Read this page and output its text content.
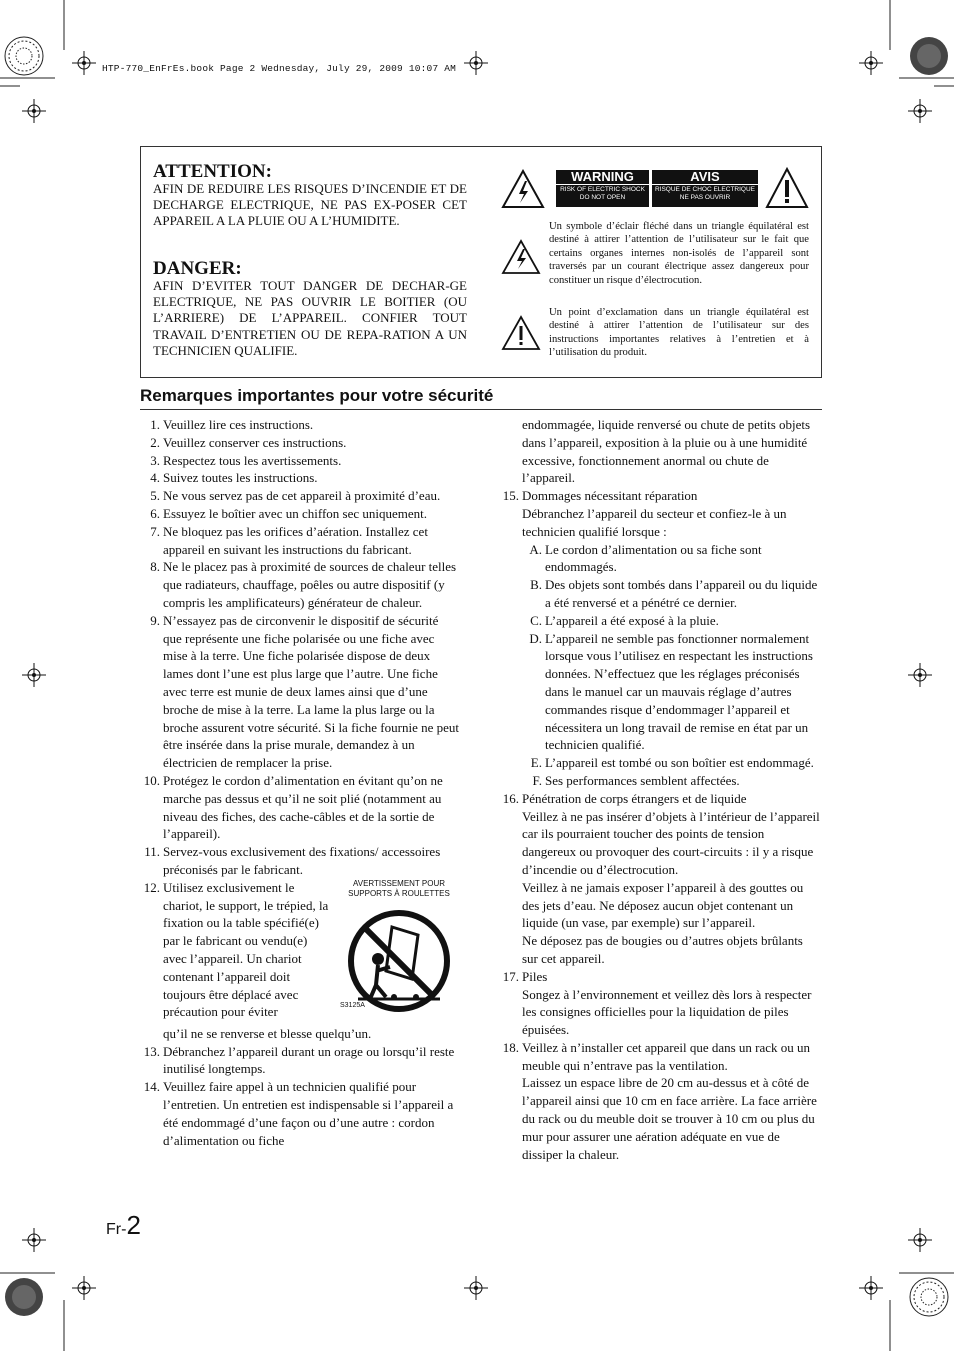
HTP-770_EnFrEs.book Page 2 Wednesday, July 29, 2009 10:07 AM
ATTENTION:
AFIN DE REDUIRE LES RISQUES D’INCENDIE ET DE DECHARGE ELECTRIQUE, NE PAS EX-POSER CET APPAREIL A LA PLUIE OU A L’HUMIDITE.
DANGER:
AFIN D’EVITER TOUT DANGER DE DECHAR-GE ELECTRIQUE, NE PAS OUVRIR LE BOITIER (OU L’ARRIERE) DE L’APPAREIL. CONFIER TOUT TRAVAIL D’ENTRETIEN OU DE REPA-RATION A UN TECHNICIEN QUALIFIE.
WARNING
RISK OF ELECTRIC SHOCK
DO NOT OPEN
AVIS
RISQUE DE CHOC ELECTRIQUE
NE PAS OUVRIR
Un symbole d’éclair fléché dans un triangle équilatéral est destiné à attirer l’attention de l’utilisateur sur le fait que certains organes internes non-isolés de l’appareil sont traversés par un courant électrique assez dangereux pour constituer un risque d’électrocution.
Un point d’exclamation dans un triangle équilatéral est destiné à attirer l’attention de l’utilisateur sur des instructions importantes relatives à l’entretien et à l’utilisation du produit.
Remarques importantes pour votre sécurité
1. Veuillez lire ces instructions.
2. Veuillez conserver ces instructions.
3. Respectez tous les avertissements.
4. Suivez toutes les instructions.
5. Ne vous servez pas de cet appareil à proximité d’eau.
6. Essuyez le boîtier avec un chiffon sec uniquement.
7. Ne bloquez pas les orifices d’aération. Installez cet appareil en suivant les instructions du fabricant.
8. Ne le placez pas à proximité de sources de chaleur telles que radiateurs, chauffage, poêles ou autre dispositif (y compris les amplificateurs) générateur de chaleur.
9. N’essayez pas de circonvenir le dispositif de sécurité que représente une fiche polarisée ou une fiche avec mise à la terre. Une fiche polarisée dispose de deux lames dont l’une est plus large que l’autre. Une fiche avec terre est munie de deux lames ainsi que d’une broche de mise à la terre. La lame la plus large ou la broche assurent votre sécurité. Si la fiche fournie ne peut être insérée dans la prise murale, demandez à un électricien de remplacer la prise.
10. Protégez le cordon d’alimentation en évitant qu’on ne marche pas dessus et qu’il ne soit plié (notamment au niveau des fiches, des cache-câbles et de la sortie de l’appareil).
11. Servez-vous exclusivement des fixations/ accessoires préconisés par le fabricant.
12. Utilisez exclusivement le chariot, le support, le trépied, la fixation ou la table spécifié(e) par le fabricant ou vendu(e) avec l’appareil. Un chariot contenant l’appareil doit toujours être déplacé avec précaution pour éviter
AVERTISSEMENT POUR SUPPORTS À ROULETTES
S3125A
qu’il ne se renverse et blesse quelqu’un.
13. Débranchez l’appareil durant un orage ou lorsqu’il reste inutilisé longtemps.
14. Veuillez faire appel à un technicien qualifié pour l’entretien. Un entretien est indispensable si l’appareil a été endommagé d’une façon ou d’une autre : cordon d’alimentation ou fiche
endommagée, liquide renversé ou chute de petits objets dans l’appareil, exposition à la pluie ou à une humidité excessive, fonctionnement anormal ou chute de l’appareil.
15. Dommages nécessitant réparation
Débranchez l’appareil du secteur et confiez-le à un technicien qualifié lorsque :
A. Le cordon d’alimentation ou sa fiche sont endommagés.
B. Des objets sont tombés dans l’appareil ou du liquide a été renversé et a pénétré ce dernier.
C. L’appareil a été exposé à la pluie.
D. L’appareil ne semble pas fonctionner normalement lorsque vous l’utilisez en respectant les instructions données. N’effectuez que les réglages préconisés dans le manuel car un mauvais réglage d’autres commandes risque d’endommager l’appareil et nécessitera un long travail de remise en état par un technicien qualifié.
E. L’appareil est tombé ou son boîtier est endommagé.
F. Ses performances semblent affectées.
16. Pénétration de corps étrangers et de liquide
Veillez à ne pas insérer d’objets à l’intérieur de l’appareil car ils pourraient toucher des points de tension dangereux ou provoquer des court-circuits : il y a risque d’incendie ou d’électrocution.
Veillez à ne jamais exposer l’appareil à des gouttes ou des jets d’eau. Ne déposez aucun objet contenant un liquide (un vase, par exemple) sur l’appareil.
Ne déposez pas de bougies ou d’autres objets brûlants sur cet appareil.
17. Piles
Songez à l’environnement et veillez dès lors à respecter les consignes officielles pour la liquidation de piles épuisées.
18. Veillez à n’installer cet appareil que dans un rack ou un meuble qui n’entrave pas la ventilation.
Laissez un espace libre de 20 cm au-dessus et à côté de l’appareil ainsi que 10 cm en face arrière. La face arrière du rack ou du meuble doit se trouver à 10 cm ou plus du mur pour assurer une aération adéquate en vue de dissiper la chaleur.
Fr-2
